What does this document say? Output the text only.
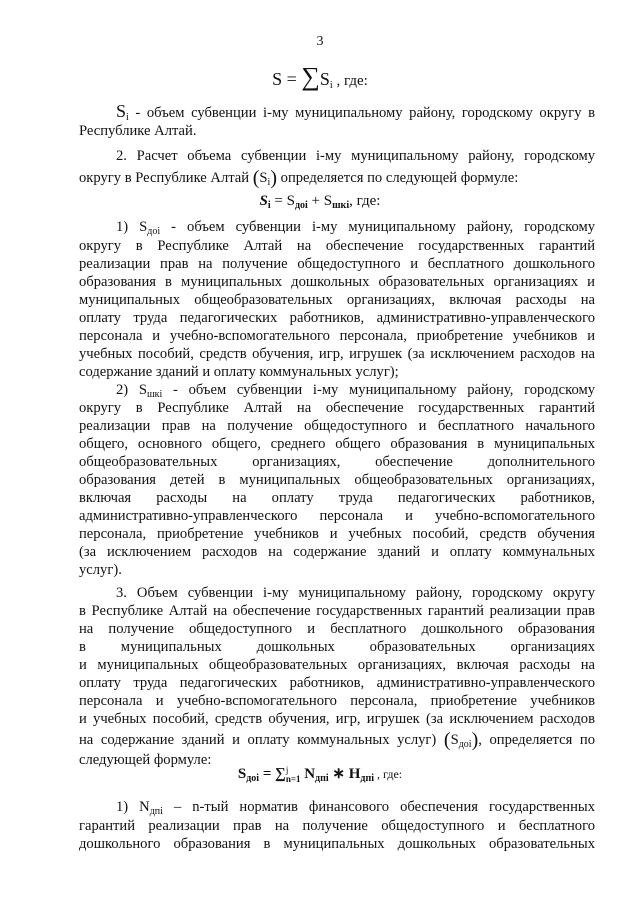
3
$S = \sum S_i$ , где:
$S_i$ - объем субвенции i-му муниципальному району, городскому округу в
Республике Алтай.
2. Расчет объема субвенции i-му муниципальному району, городскому
округу в Республике Алтай $(S_i)$ определяется по следующей формуле:
$S_i = S_{доi} + S_{шкi}$, где:
1) $S_{доi}$ - объем субвенции i-му муниципальному району, городскому
округу в Республике Алтай на обеспечение государственных гарантий
реализации прав на получение общедоступного и бесплатного дошкольного
образования в муниципальных дошкольных образовательных организациях и
муниципальных общеобразовательных организациях, включая расходы на
оплату труда педагогических работников, административно-управленческого
персонала и учебно-вспомогательного персонала, приобретение учебников и
учебных пособий, средств обучения, игр, игрушек (за исключением расходов на
содержание зданий и оплату коммунальных услуг);
2) $S_{шкi}$ - объем субвенции i-му муниципальному району, городскому
округу в Республике Алтай на обеспечение государственных гарантий
реализации прав на получение общедоступного и бесплатного начального
общего, основного общего, среднего общего образования в муниципальных
общеобразовательных организациях, обеспечение дополнительного
образования детей в муниципальных общеобразовательных организациях,
включая расходы на оплату труда педагогических работников,
административно-управленческого персонала и учебно-вспомогательного
персонала, приобретение учебников и учебных пособий, средств обучения
(за исключением расходов на содержание зданий и оплату коммунальных
услуг).
3. Объем субвенции i-му муниципальному району, городскому округу
в Республике Алтай на обеспечение государственных гарантий реализации прав
на получение общедоступного и бесплатного дошкольного образования
в муниципальных дошкольных образовательных организациях
и муниципальных общеобразовательных организациях, включая расходы на
оплату труда педагогических работников, административно-управленческого
персонала и учебно-вспомогательного персонала, приобретение учебников
и учебных пособий, средств обучения, игр, игрушек (за исключением расходов
на содержание зданий и оплату коммунальных услуг) $(S_{доi})$, определяется по
следующей формуле:
$S_{доi}$ = ∑ j
n=1 $N_{дпi}$ ∗ $H_{дпi}$ , где:
1) $N_{дпi} - n-тый$ норматив финансового обеспечения государственных
гарантий реализации прав на получение общедоступного и бесплатного
дошкольного образования в муниципальных дошкольных образовательных
